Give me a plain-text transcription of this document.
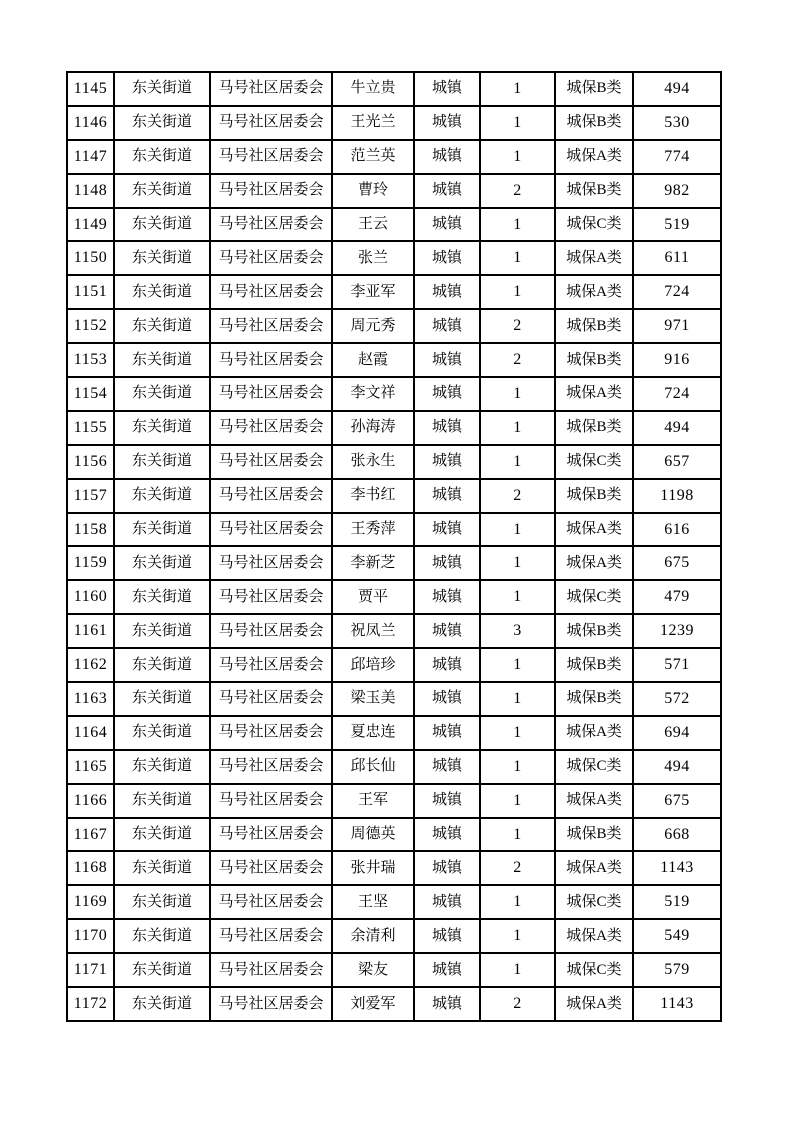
1145	东关街道	马号社区居委会	牛立贵	城镇	1	城保B类	494
1146	东关街道	马号社区居委会	王光兰	城镇	1	城保B类	530
1147	东关街道	马号社区居委会	范兰英	城镇	1	城保A类	774
1148	东关街道	马号社区居委会	曹玲	城镇	2	城保B类	982
1149	东关街道	马号社区居委会	王云	城镇	1	城保C类	519
1150	东关街道	马号社区居委会	张兰	城镇	1	城保A类	611
1151	东关街道	马号社区居委会	李亚军	城镇	1	城保A类	724
1152	东关街道	马号社区居委会	周元秀	城镇	2	城保B类	971
1153	东关街道	马号社区居委会	赵霞	城镇	2	城保B类	916
1154	东关街道	马号社区居委会	李文祥	城镇	1	城保A类	724
1155	东关街道	马号社区居委会	孙海涛	城镇	1	城保B类	494
1156	东关街道	马号社区居委会	张永生	城镇	1	城保C类	657
1157	东关街道	马号社区居委会	李书红	城镇	2	城保B类	1198
1158	东关街道	马号社区居委会	王秀萍	城镇	1	城保A类	616
1159	东关街道	马号社区居委会	李新芝	城镇	1	城保A类	675
1160	东关街道	马号社区居委会	贾平	城镇	1	城保C类	479
1161	东关街道	马号社区居委会	祝凤兰	城镇	3	城保B类	1239
1162	东关街道	马号社区居委会	邱培珍	城镇	1	城保B类	571
1163	东关街道	马号社区居委会	梁玉美	城镇	1	城保B类	572
1164	东关街道	马号社区居委会	夏忠连	城镇	1	城保A类	694
1165	东关街道	马号社区居委会	邱长仙	城镇	1	城保C类	494
1166	东关街道	马号社区居委会	王军	城镇	1	城保A类	675
1167	东关街道	马号社区居委会	周德英	城镇	1	城保B类	668
1168	东关街道	马号社区居委会	张井瑞	城镇	2	城保A类	1143
1169	东关街道	马号社区居委会	王坚	城镇	1	城保C类	519
1170	东关街道	马号社区居委会	余清利	城镇	1	城保A类	549
1171	东关街道	马号社区居委会	梁友	城镇	1	城保C类	579
1172	东关街道	马号社区居委会	刘爱军	城镇	2	城保A类	1143
